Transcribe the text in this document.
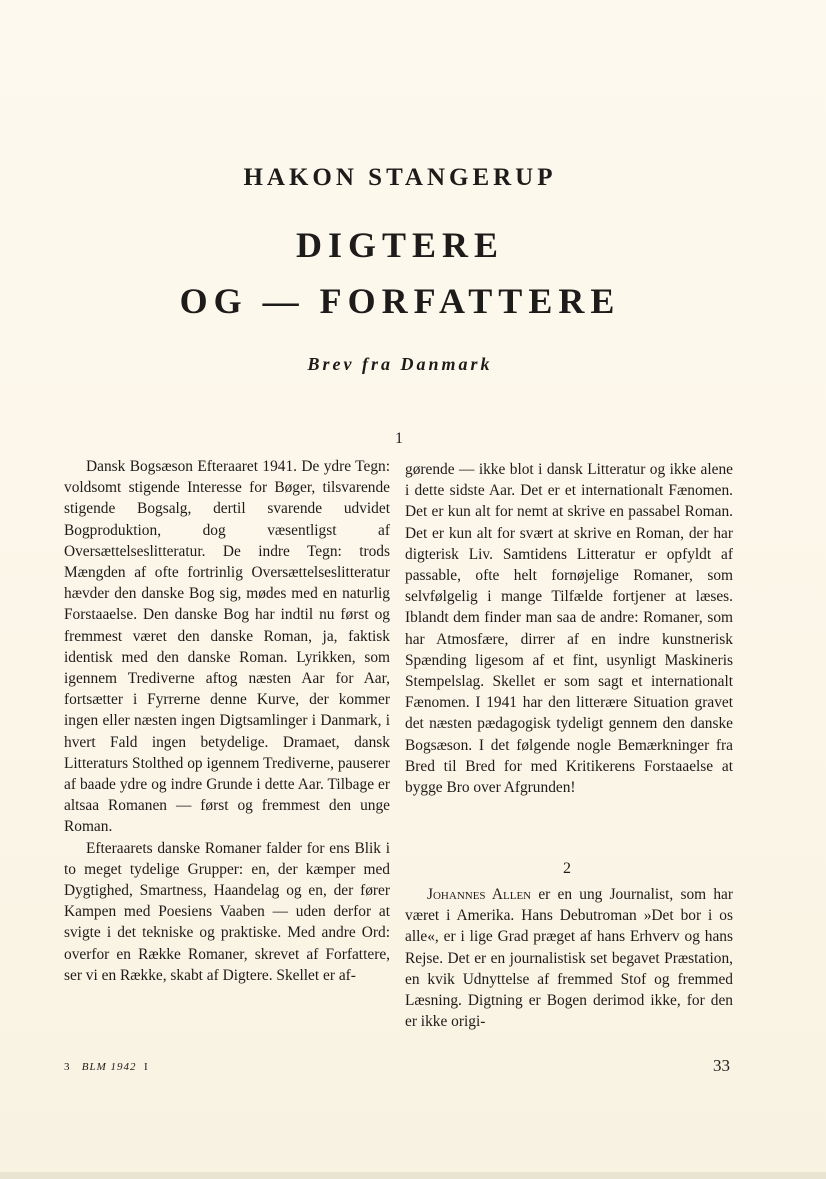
HAKON STANGERUP
DIGTERE
OG — FORFATTERE
Brev fra Danmark
1

Dansk Bogsæson Efteraaret 1941. De ydre Tegn: voldsomt stigende Interesse for Bøger, tilsvarende stigende Bogsalg, dertil svarende udvidet Bogproduktion, dog væsentligst af Oversættelseslitteratur. De indre Tegn: trods Mængden af ofte fortrinlig Oversættelseslitteratur hævder den danske Bog sig, mødes med en naturlig Forstaaelse. Den danske Bog har indtil nu først og fremmest været den danske Roman, ja, faktisk identisk med den danske Roman. Lyrikken, som igennem Trediverne aftog næsten Aar for Aar, fortsætter i Fyrrerne denne Kurve, der kommer ingen eller næsten ingen Digtsamlinger i Danmark, i hvert Fald ingen betydelige. Dramaet, dansk Litteraturs Stolthed op igennem Trediverne, pauserer af baade ydre og indre Grunde i dette Aar. Tilbage er altsaa Romanen — først og fremmest den unge Roman.

Efteraarets danske Romaner falder for ens Blik i to meget tydelige Grupper: en, der kæmper med Dygtighed, Smartness, Haandelag og en, der fører Kampen med Poesiens Vaaben — uden derfor at svigte i det tekniske og praktiske. Med andre Ord: overfor en Række Romaner, skrevet af Forfattere, ser vi en Række, skabt af Digtere. Skellet er af-

gørende — ikke blot i dansk Litteratur og ikke alene i dette sidste Aar. Det er et internationalt Fænomen. Det er kun alt for nemt at skrive en passabel Roman. Det er kun alt for svært at skrive en Roman, der har digterisk Liv. Samtidens Litteratur er opfyldt af passable, ofte helt fornøjelige Romaner, som selvfølgelig i mange Tilfælde fortjener at læses. Iblandt dem finder man saa de andre: Romaner, som har Atmosfære, dirrer af en indre kunstnerisk Spænding ligesom af et fint, usynligt Maskineris Stempelslag. Skellet er som sagt et internationalt Fænomen. I 1941 har den litterære Situation gravet det næsten pædagogisk tydeligt gennem den danske Bogsæson. I det følgende nogle Bemærkninger fra Bred til Bred for med Kritikerens Forstaaelse at bygge Bro over Afgrunden!

2

Johannes Allen er en ung Journalist, som har været i Amerika. Hans Debutroman »Det bor i os alle«, er i lige Grad præget af hans Erhverv og hans Rejse. Det er en journalistisk set begavet Præstation, en kvik Udnyttelse af fremmed Stof og fremmed Læsning. Digtning er Bogen derimod ikke, for den er ikke origi-

3 BLM 1942 I	33
